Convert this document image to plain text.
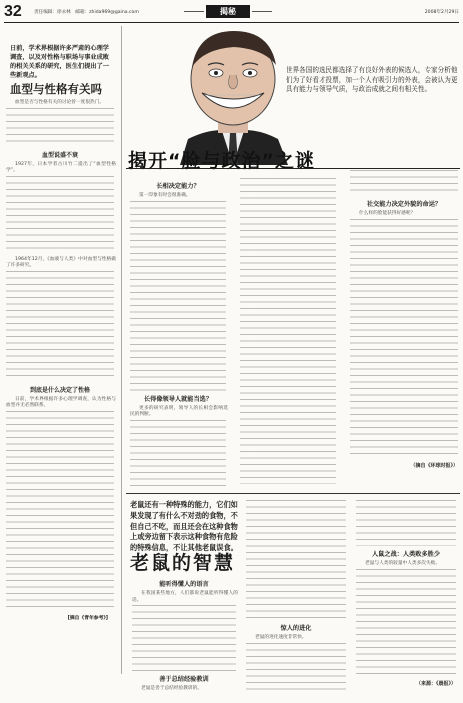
32	责任编辑：徐永林　邮箱：zhida969@gaina.com	揭秘	2008年2月29日
日前，学术界根据许多严肃的心理学调查，以及对性格与职场与事业成败的相关关系的研究，医生们提出了一些新观点。
血型与性格有关吗
血型是否与性格有关的讨论曾一度很热门。
血型说盛不衰
1927年，日本学者古川竹二提出了“血型性格学”。
1964年12月，《血液与人类》中对血型与性格做了许多研究。
到底是什么决定了性格
日前，学术界根据许多心理学调查，认为性格与血型并无必然联系。
[摘自《青年参考》]
世界各国的选民都选择了有良好外表的候选人，专家分析他们为了好看才投票，加一个人有吸引力的外表，会被认为更具有能力与领导气质，与政治成就之间有相关性。
揭开“脸与政治”之谜
长相决定能力？
第一印象有时会很准确。
长得像领导人就能当选？
更多的研究表明，领导人的长相会影响选民的判断。
社交能力决定外貌的命运？
什么样的脸能获得好感呢？
（摘自《环球时报》）
老鼠还有一种特殊的能力，它们如果发现了有什么不对劲的食物，不但自己不吃，而且还会在这种食物上或旁边留下表示这种食物有危险的特殊信息，不让其他老鼠误食。
老鼠的智慧
能听得懂人的语言
在我国某些地方，人们都说老鼠能听得懂人的话。
善于总结经验教训
老鼠是善于总结经验教训的。
惊人的进化
老鼠的进化速度非常快。
人鼠之战：人类败多胜少
老鼠与人类的较量中人类多次失败。
（来源：《晨报》）
